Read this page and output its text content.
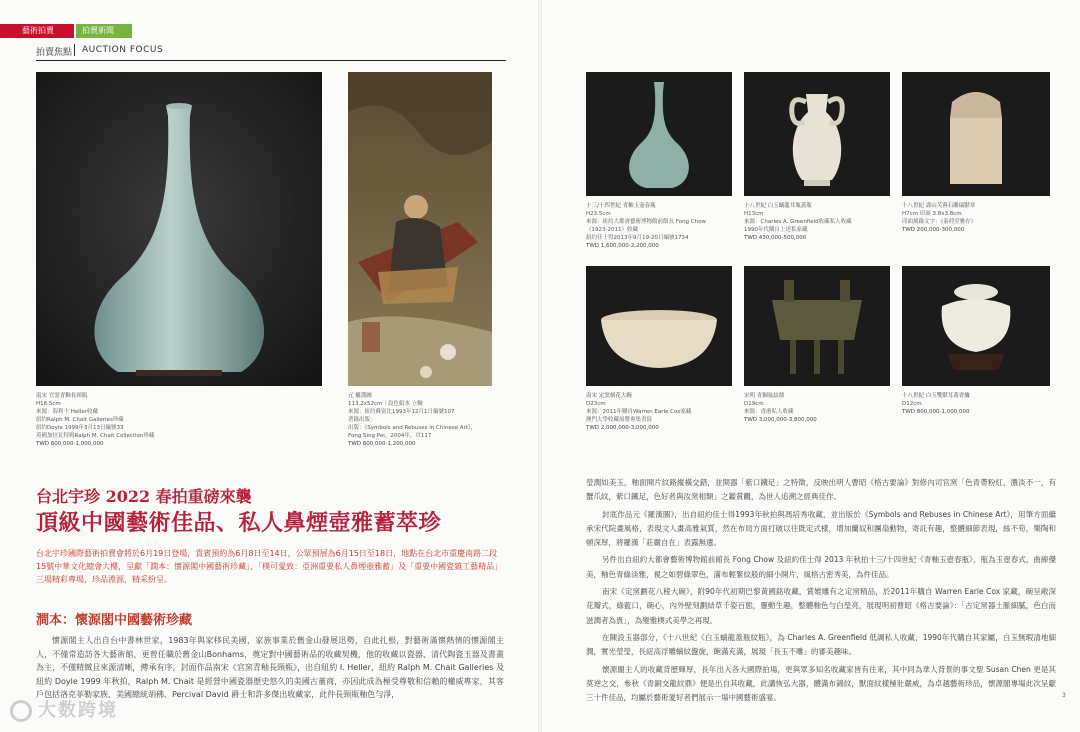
藝術拍賣	拍賣新聞
拍賣焦點 AUCTION FOCUS
南宋 官窯青釉長頸瓶
H18.5cm
來源：海利十 Heller收藏
紐約Ralph M. Chait Galleries珍藏
紐約Doyle 1999年3月13日編號33
英國加拉瓦特姆Ralph M. Chait Collection珍藏
TWD 800,000-1,000,000
元 羅漢圖
113.2x52cm｜設色絹本 立軸
來源：紐約蘇富比1993年12月1日編號107
著錄出版：
出版：《Symbols and Rebuses in Chinese Art》，
Fong Sing Pei，2004年，頁117
TWD 800,000-1,200,000
台北宇珍 2022 春拍重磅來襲
頂級中國藝術佳品、私人鼻煙壺雅蓄萃珍
台北宇珍國際藝術拍賣會將於6月19日登場，貴賓預約為6月8日至14日，公眾預展為6月15日至18日，地點在台北市重慶南路二段15號中華文化總會大樓，呈獻「澗本：懷源閣中國藝術珍藏」、「樸可愛致：亞洲重要私人鼻煙壺雅蓄」及「重要中國瓷雜工藝精品」三場精彩專場，珍品淵源，精采紛呈。
澗本：懷源閣中國藝術珍藏
懷源閣主人出自台中書林世家，1983年與家移民美國，家族事業於舊金山發展迅勢，自此扎根，對藝術滿懷熱情的懷源閣主人，不僅常造訪各大藝術館，更曾任職於舊金山Bonhams，奠定對中國藝術品的收藏契機，他的收藏以瓷器、清代陶瓷玉器及書畫為主，不僅精緻且來源清晰，傳承有序，封面作品南宋《官窯青釉長頸瓶》，出自紐約 I. Heller、紐約 Ralph M. Chait Galleries 及紐約 Doyle 1999 年秋拍，Ralph M. Chait 是經營中國瓷器歷史悠久的美國古董商，亦因此成為極受尊敬和信賴的權威專家，其客戶包括洛克菲勒家族、美國總統胡佛、Percival David 爵士和許多傑出收藏家，此件長頸瓶釉色勻淨，
十三/十四世紀 青釉玉壺春瓶
H23.5cm
來源：紐約大都會藝術博物館前館長 Fong Chow
（1923-2011）收藏
紐約佳士得2013年9月19-20日編號1734
TWD 1,600,000-2,200,000
十八世紀 白玉螭龍耳瓶蓋瓶
H13cm
來源：Charles A. Greenfield收藏私人收藏
1990年代購自上述私家藏
TWD 430,000-500,000
十八世紀 壽山芙蓉石雕瑞獸章
H7cm 印面 3.8x3.8cm
印面刻錄文字：《泰荷堂雅存》
TWD 200,000-300,000
南宋 定窯刻花大碗
D23cm
來源：2011年購自Warren Earle Cox家藏
澳門大學收藏展覽專集書寫
TWD 2,000,000-3,000,000
宋明 青銅弦紋鼎
D19cm
來源：香港私人收藏
TWD 3,000,000-3,800,000
十八世紀 白玉雙獸耳蓋香爐
D12cm
TWD 800,000-1,000,000

瑩潤如美玉，釉面開片紋路縱橫交錯，並開器「紫口鐵足」之特徵，反映出明人曹昭《格古要論》對修內司官窯「色青帶粉紅，濃淡不一，有蟹爪紋，紫口鐵足，色好者與汝窯相類」之鑑賞觀，為世人追溯之經典佳作。

封底作品元《羅漢圖》，出自紐約佳士得1993年秋拍與馮培秀收藏，並出版於《Symbols and Rebuses in Chinese Art》，用筆方面繼承宋代院畫風格，表現文人畫高雅氣質，然在布局方面打破以往既定式樣，增加蘭奴和團扇動物，寄託有趣，整體細節表現，絲不苟，樂陶和頓深厚，將羅漢「莊嚴自在」表露無遺。

另件出自紐約大都會藝術博物館前館長 Fong Chow 及紐約佳士得 2013 年秋拍十三/十四世紀《青釉玉壺春瓶》，瓶為玉壺春式，曲線優美，釉色青綠淡雅，視之如碧綠翠色，滿布輕緊紋般的細小開片，風格古密秀美，為件佳品。

南宋《定窯劃花八稜大碗》，附90年代初期巴黎黃國銘收藏，賞媲雕有之定窯精品，於2011年購自 Warren Earle Cox 家藏，碗呈敞深花瓣式，綠藍口，碗心，內外壁刻劃結草千姿百態，靈動生趣，整體釉色勻白瑩亮，展現明初曹昭《格古要論》：「古定窯器土脈細膩，色白而滋潤者為貴」，為變雅樸式美學之再現。

在陳設玉器部分，《十八世紀《白玉螭龍蓋瓶紋瓶》，為 Charles A. Greenfield 低調私人收藏，1990年代購自其家屬，白玉無瑕清地細潤，實光瑩瑩，長紐高浮雕螭紋盤旋，飽滿充滿，展現「長玉不雕」的審美趣味。

懷源閣主人的收藏背歷輝厚，長年出入各大國際拍場，更與眾多知名收藏家皆有往來，其中同為華人背景的事文聖 Susan Chen 更是其莫逆之交，參秋《青銅交龍紋鼎》便是出自其收藏，此講恢弘大器，體滿布錦紋，獸面紋樣極壯嚴威，為卓越藝術珍品，懷源閣專場此次呈獻三十件佳品，均屬於藝術愛好者們展示一場中國藝術盛宴。	3
大数跨境
